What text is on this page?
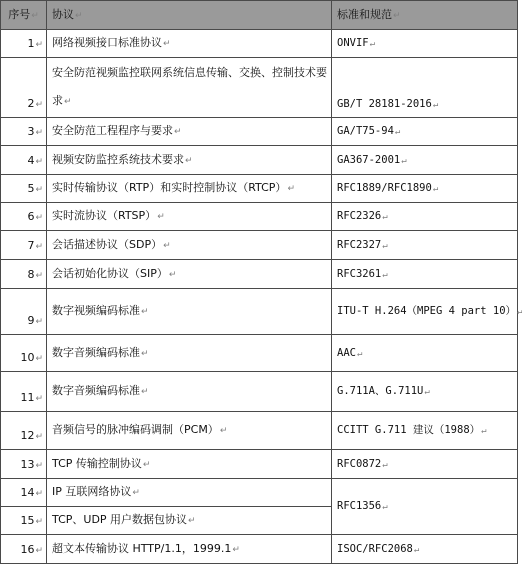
序号↵	协议↵	标准和规范↵
1↵	网络视频接口标准协议↵	ONVIF↵
2↵	安全防范视频监控联网系统信息传输、交换、控制技术要求↵	GB/T 28181-2016↵
3↵	安全防范工程程序与要求↵	GA/T75-94↵
4↵	视频安防监控系统技术要求↵	GA367-2001↵
5↵	实时传输协议（RTP）和实时控制协议（RTCP）↵	RFC1889/RFC1890↵
6↵	实时流协议（RTSP）↵	RFC2326↵
7↵	会话描述协议（SDP）↵	RFC2327↵
8↵	会话初始化协议（SIP）↵	RFC3261↵
9↵	数字视频编码标准↵	ITU-T H.264（MPEG 4 part 10）↵
10↵	数字音频编码标准↵	AAC↵
11↵	数字音频编码标准↵	G.711A、G.711U↵
12↵	音频信号的脉冲编码调制（PCM）↵	CCITT G.711 建议（1988）↵
13↵	TCP 传输控制协议↵	RFC0872↵
14↵	IP 互联网络协议↵	RFC1356↵
15↵	TCP、UDP 用户数据包协议↵	
16↵	超文本传输协议 HTTP/1.1，1999.1↵	ISOC/RFC2068↵
